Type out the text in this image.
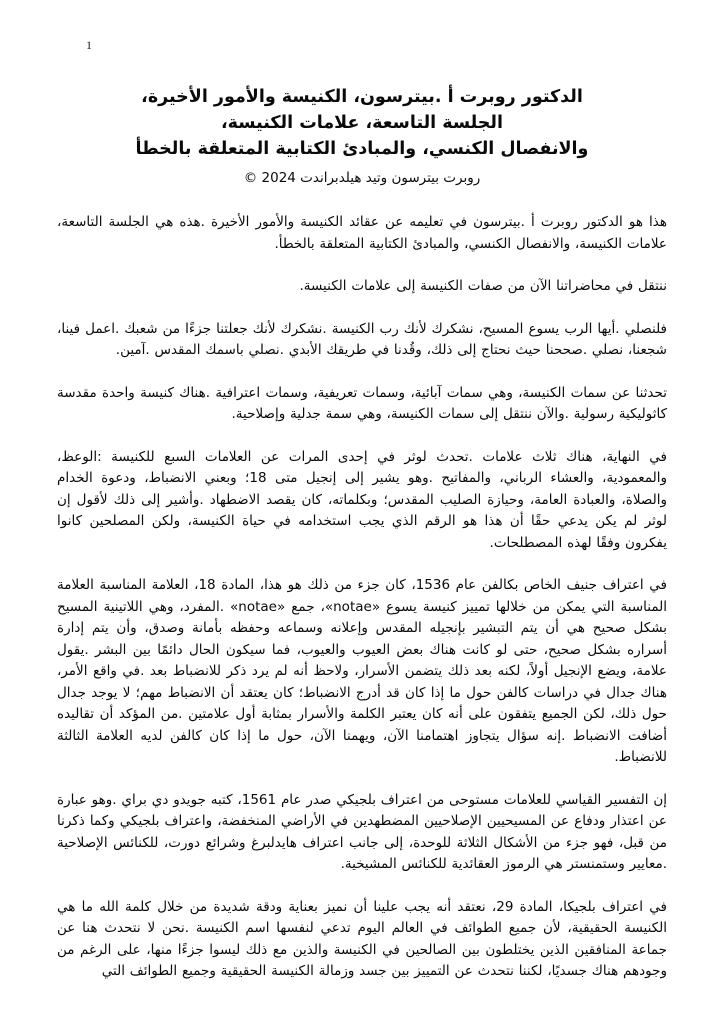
1
الدكتور روبرت أ .بيترسون، الكنيسة والأمور الأخيرة،
الجلسة التاسعة، علامات الكنيسة،
والانفصال الكنسي، والمبادئ الكتابية المتعلقة بالخطأ
روبرت بيترسون وتيد هيلدبراندت 2024 ©

هذا هو الدكتور روبرت أ .بيترسون في تعليمه عن عقائد الكنيسة والأمور الأخيرة .هذه هي الجلسة التاسعة، علامات الكنيسة، والانفصال الكنسي، والمبادئ الكتابية المتعلقة بالخطأ.

ننتقل في محاضراتنا الآن من صفات الكنيسة إلى علامات الكنيسة.

فلنصلي .أيها الرب يسوع المسيح، نشكرك لأنك رب الكنيسة .نشكرك لأنك جعلتنا جزءًا من شعبك .اعمل فينا، شجعنا، نصلي .صححنا حيث نحتاج إلى ذلك، وقُدنا في طريقك الأبدي .نصلي باسمك المقدس .آمين.

تحدثنا عن سمات الكنيسة، وهي سمات آبائية، وسمات تعريفية، وسمات اعترافية .هناك كنيسة واحدة مقدسة كاثوليكية رسولية .والآن ننتقل إلى سمات الكنيسة، وهي سمة جدلية وإصلاحية.

في النهاية، هناك ثلاث علامات .تحدث لوثر في إحدى المرات عن العلامات السبع للكنيسة :الوعظ، والمعمودية، والعشاء الرباني، والمفاتيح .وهو يشير إلى إنجيل متى 18؛ وبعني الانضباط، ودعوة الخدام والصلاة، والعبادة العامة، وحيازة الصليب المقدس؛ وبكلماته، كان يقصد الاضطهاد .وأشير إلى ذلك لأقول إن لوثر لم يكن يدعي حقًا أن هذا هو الرقم الذي يجب استخدامه في حياة الكنيسة، ولكن المصلحين كانوا يفكرون وفقًا لهذه المصطلحات.

في اعتراف جنيف الخاص بكالفن عام 1536، كان جزء من ذلك هو هذا، المادة 18، العلامة المناسبة العلامة المناسبة التي يمكن من خلالها تمييز كنيسة يسوع «notae»، جمع «notae» .المفرد، وهي اللاتينية المسيح بشكل صحيح هي أن يتم التبشير بإنجيله المقدس وإعلانه وسماعه وحفظه بأمانة وصدق، وأن يتم إدارة أسراره بشكل صحيح، حتى لو كانت هناك بعض العيوب والعيوب، فما سيكون الحال دائمًا بين البشر .يقول علامة، ويضع الإنجيل أولاً، لكنه بعد ذلك يتضمن الأسرار، ولاحظ أنه لم يرد ذكر للانضباط بعد .في واقع الأمر، هناك جدال في دراسات كالفن حول ما إذا كان قد أدرج الانضباط؛ كان يعتقد أن الانضباط مهم؛ لا يوجد جدال حول ذلك، لكن الجميع يتفقون على أنه كان يعتبر الكلمة والأسرار بمثابة أول علامتين .من المؤكد أن تقاليده أضافت الانضباط .إنه سؤال يتجاوز اهتمامنا الآن، ويهمنا الآن، حول ما إذا كان كالفن لديه العلامة الثالثة للانضباط.

إن التفسير القياسي للعلامات مستوحى من اعتراف بلجيكي صدر عام 1561، كتبه جويدو دي براي .وهو عبارة عن اعتذار ودفاع عن المسيحيين الإصلاحيين المضطهدين في الأراضي المنخفضة، واعتراف بلجيكي وكما ذكرنا من قبل، فهو جزء من الأشكال الثلاثة للوحدة، إلى جانب اعتراف هايدلبرغ وشرائع دورت، للكنائس الإصلاحية .معايير وستمنستر هي الرموز العقائدية للكنائس المشيخية.

في اعتراف بلجيكا، المادة 29، نعتقد أنه يجب علينا أن نميز بعناية ودقة شديدة من خلال كلمة الله ما هي الكنيسة الحقيقية، لأن جميع الطوائف في العالم اليوم تدعي لنفسها اسم الكنيسة .نحن لا نتحدث هنا عن جماعة المنافقين الذين يختلطون بين الصالحين في الكنيسة والذين مع ذلك ليسوا جزءًا منها، على الرغم من وجودهم هناك جسديًا، لكننا نتحدث عن التمييز بين جسد وزمالة الكنيسة الحقيقية وجميع الطوائف التي
